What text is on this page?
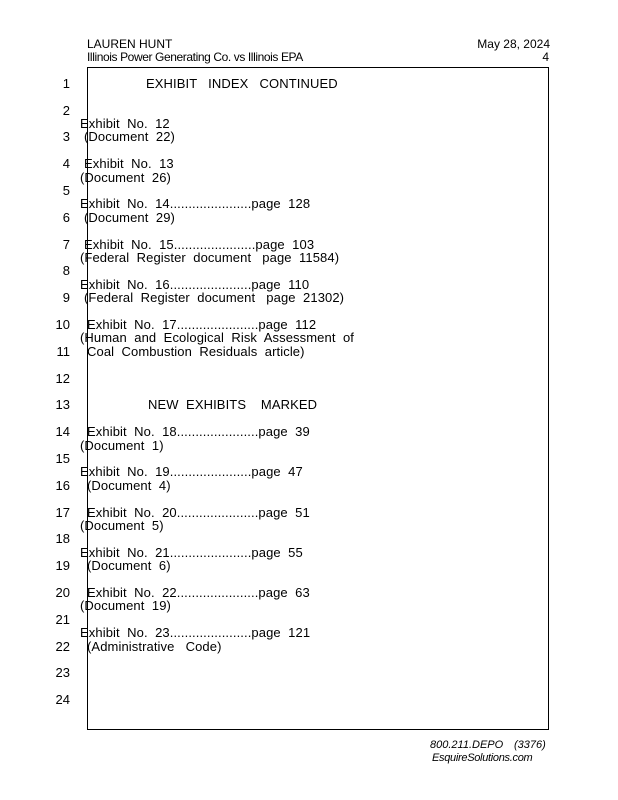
LAUREN HUNT
Illinois Power Generating Co. vs Illinois EPA
May 28, 2024
4
1
2
3
4
5
6
7
8
9
10
11
12
13
14
15
16
17
18
19
20
21
22
23
24
EXHIBIT   INDEX   CONTINUED
Exhibit  No.  12
(Document  22)
Exhibit  No.  13
(Document  26)
Exhibit  No.  14......................page  128
(Document  29)
Exhibit  No.  15......................page  103
(Federal  Register  document   page  11584)
Exhibit  No.  16......................page  110
(Federal  Register  document   page  21302)
Exhibit  No.  17......................page  112
(Human  and  Ecological  Risk  Assessment  of
Coal  Combustion  Residuals  article)
NEW  EXHIBITS    MARKED
Exhibit  No.  18......................page  39
(Document  1)
Exhibit  No.  19......................page  47
(Document  4)
Exhibit  No.  20......................page  51
(Document  5)
Exhibit  No.  21......................page  55
(Document  6)
Exhibit  No.  22......................page  63
(Document  19)
Exhibit  No.  23......................page  121
(Administrative   Code)
800.211.DEPO (3376)
EsquireSolutions.com
